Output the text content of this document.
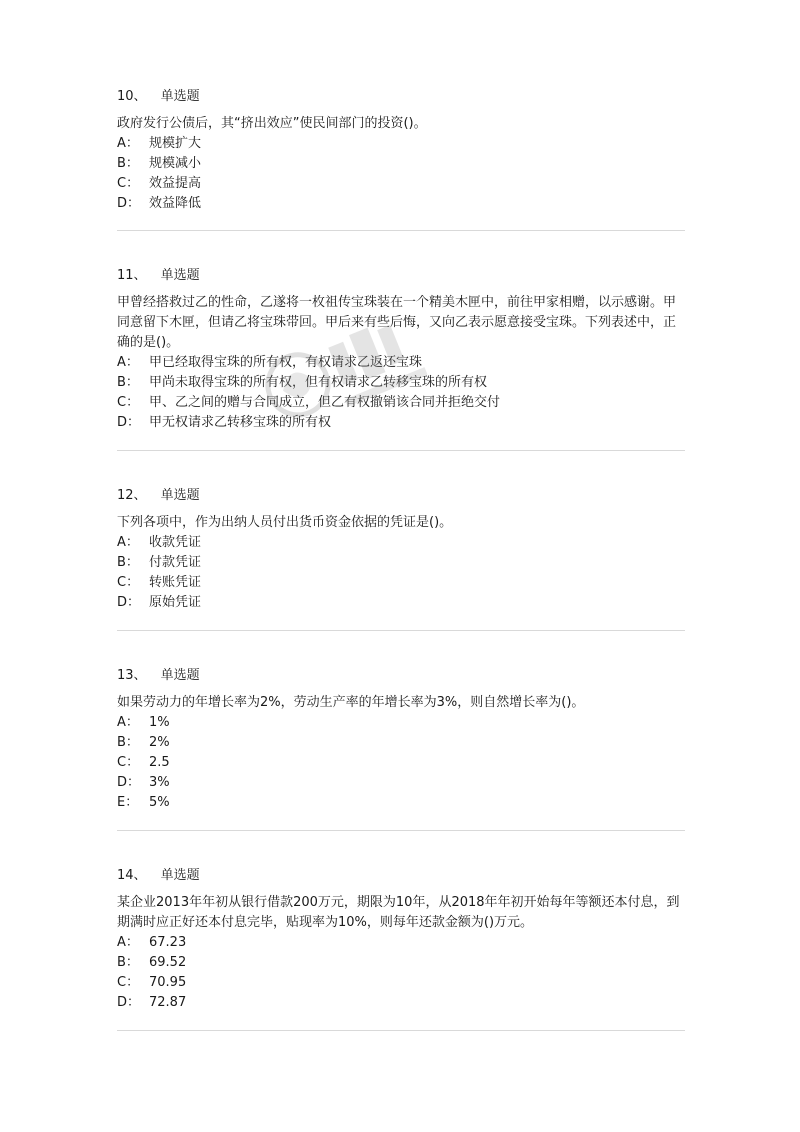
10、 单选题

政府发行公债后，其“挤出效应”使民间部门的投资()。

A： 规模扩大
B： 规模减小
C： 效益提高
D： 效益降低
11、 单选题

甲曾经搭救过乙的性命，乙遂将一枚祖传宝珠装在一个精美木匣中，前往甲家相赠，以示感谢。甲同意留下木匣，但请乙将宝珠带回。甲后来有些后悔，又向乙表示愿意接受宝珠。下列表述中，正确的是()。

A： 甲已经取得宝珠的所有权，有权请求乙返还宝珠
B： 甲尚未取得宝珠的所有权，但有权请求乙转移宝珠的所有权
C： 甲、乙之间的赠与合同成立，但乙有权撤销该合同并拒绝交付
D： 甲无权请求乙转移宝珠的所有权
12、 单选题

下列各项中，作为出纳人员付出货币资金依据的凭证是()。

A： 收款凭证
B： 付款凭证
C： 转账凭证
D： 原始凭证
13、 单选题

如果劳动力的年增长率为2%，劳动生产率的年增长率为3%，则自然增长率为()。

A： 1%
B： 2%
C： 2.5
D： 3%
E： 5%
14、 单选题

某企业2013年年初从银行借款200万元，期限为10年，从2018年年初开始每年等额还本付息，到期满时应正好还本付息完毕，贴现率为10%，则每年还款金额为()万元。

A： 67.23
B： 69.52
C： 70.95
D： 72.87
